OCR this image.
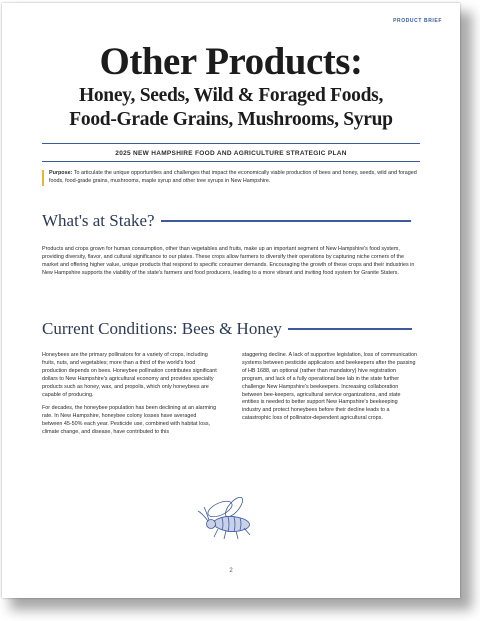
PRODUCT BRIEF
Other Products:
Honey, Seeds, Wild & Foraged Foods,
Food-Grade Grains, Mushrooms, Syrup
2025 NEW HAMPSHIRE FOOD AND AGRICULTURE STRATEGIC PLAN
Purpose: To articulate the unique opportunities and challenges that impact the economically viable production of bees and honey, seeds, wild and foraged foods, food-grade grains, mushrooms, maple syrup and other tree syrups in New Hampshire.
What's at Stake?
Products and crops grown for human consumption, other than vegetables and fruits, make up an important segment of New Hampshire's food system, providing diversity, flavor, and cultural significance to our plates. These crops allow farmers to diversify their operations by capturing niche corners of the market and offering higher value, unique products that respond to specific consumer demands. Encouraging the growth of these crops and their industries in New Hampshire supports the viability of the state's farmers and food producers, leading to a more vibrant and inviting food system for Granite Staters.
Current Conditions: Bees & Honey

Honeybees are the primary pollinators for a variety of crops, including fruits, nuts, and vegetables; more than a third of the world's food production depends on bees. Honeybee pollination contributes significant dollars to New Hampshire's agricultural economy and provides specialty products such as honey, wax, and propolis, which only honeybees are capable of producing.

For decades, the honeybee population has been declining at an alarming rate. In New Hampshire, honeybee colony losses have averaged between 45-50% each year. Pesticide use, combined with habitat loss, climate change, and disease, have contributed to this

staggering decline. A lack of supportive legislation, loss of communication systems between pesticide applicators and beekeepers after the passing of HB 1688, an optional (rather than mandatory) hive registration program, and lack of a fully operational bee lab in the state further challenge New Hampshire's beekeepers. Increasing collaboration between bee-keepers, agricultural service organizations, and state entities is needed to better support New Hampshire's beekeeping industry and protect honeybees before their decline leads to a catastrophic loss of pollinator-dependent agricultural crops.

2
